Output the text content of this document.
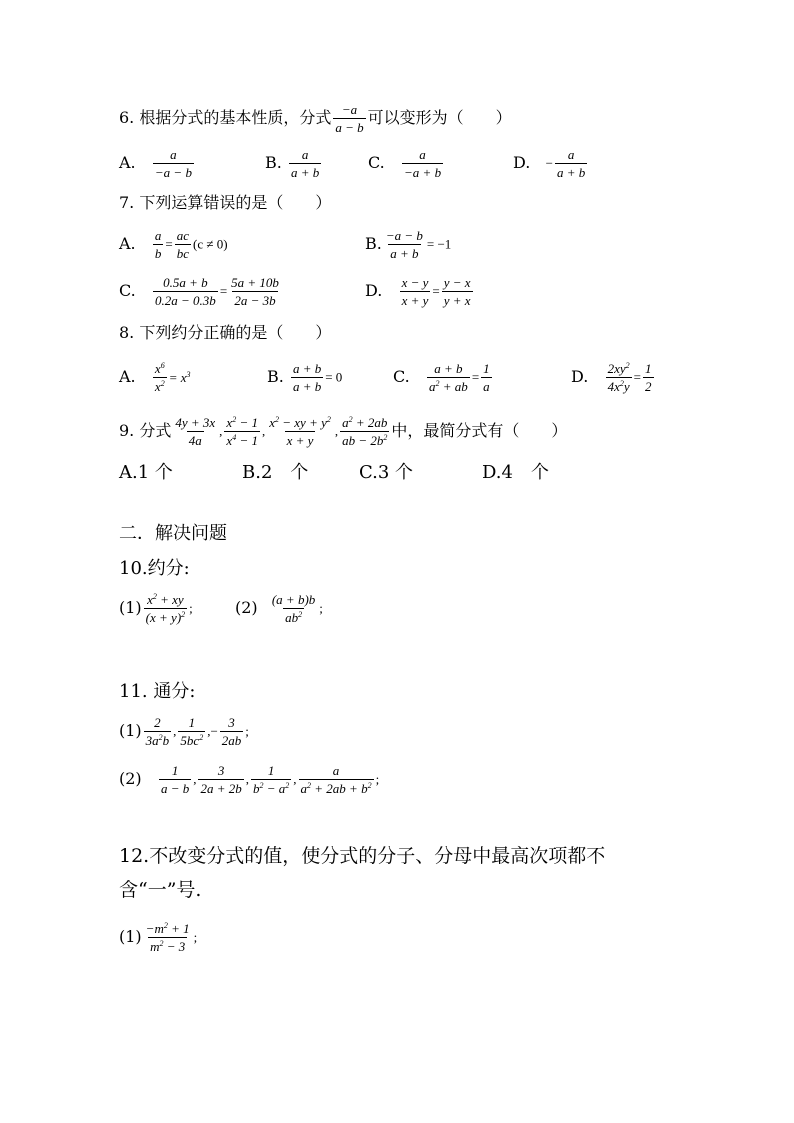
6. 根据分式的基本性质，分式 $\frac{-a}{a - b}$ 可以变形为（　　）
A. $\frac{a}{-a - b}$	B. $\frac{a}{a + b}$	C. $\frac{a}{-a + b}$	D. − $\frac{a}{a + b}$
7. 下列运算错误的是（　　）
A. $\frac{a}{b} = \frac{ac}{bc} (c \ne 0)$	B. $\frac{-a - b}{a + b} = -1$
C. $\frac{0.5a + b}{0.2a - 0.3b} = \frac{5a + 10b}{2a - 3b}$	D. $\frac{x - y}{x + y} = \frac{y - x}{y + x}$
8. 下列约分正确的是（　　）
A. $\frac{x^6}{x^2} = x^3$	B. $\frac{a + b}{a + b} = 0$	C. $\frac{a + b}{a^2 + ab} = \frac{1}{a}$	D. $\frac{2xy^2}{4x^2y} = \frac{1}{2}$
9. 分式 $\frac{4y + 3x}{4a}$ , $\frac{x^2 - 1}{x^4 - 1}$ , $\frac{x^2 - xy + y^2}{x + y}$ , $\frac{a^2 + 2ab}{ab - 2b^2}$ 中，最简分式有（　　）
A.1 个	B.2　个	C.3 个	D.4　个
二．解决问题
10.约分:
$(1) \frac{x^2 + xy}{(x + y)^2}$ ;	$(2) \frac{(a + b)b}{ab^2}$ ;
11. 通分:
$(1) \frac{2}{3a^2b}$ , $\frac{1}{5bc^2}$ ,− $\frac{3}{2ab}$ ;
$(2) \frac{1}{a - b}$ , $\frac{3}{2a + 2b}$ , $\frac{1}{b^2 - a^2}$ , $\frac{a}{a^2 + 2ab + b^2}$ ;
12.不改变分式的值，使分式的分子、分母中最高次项都不
含“一”号.
$(1) \frac{-m^2 + 1}{m^2 - 3}$ ;
